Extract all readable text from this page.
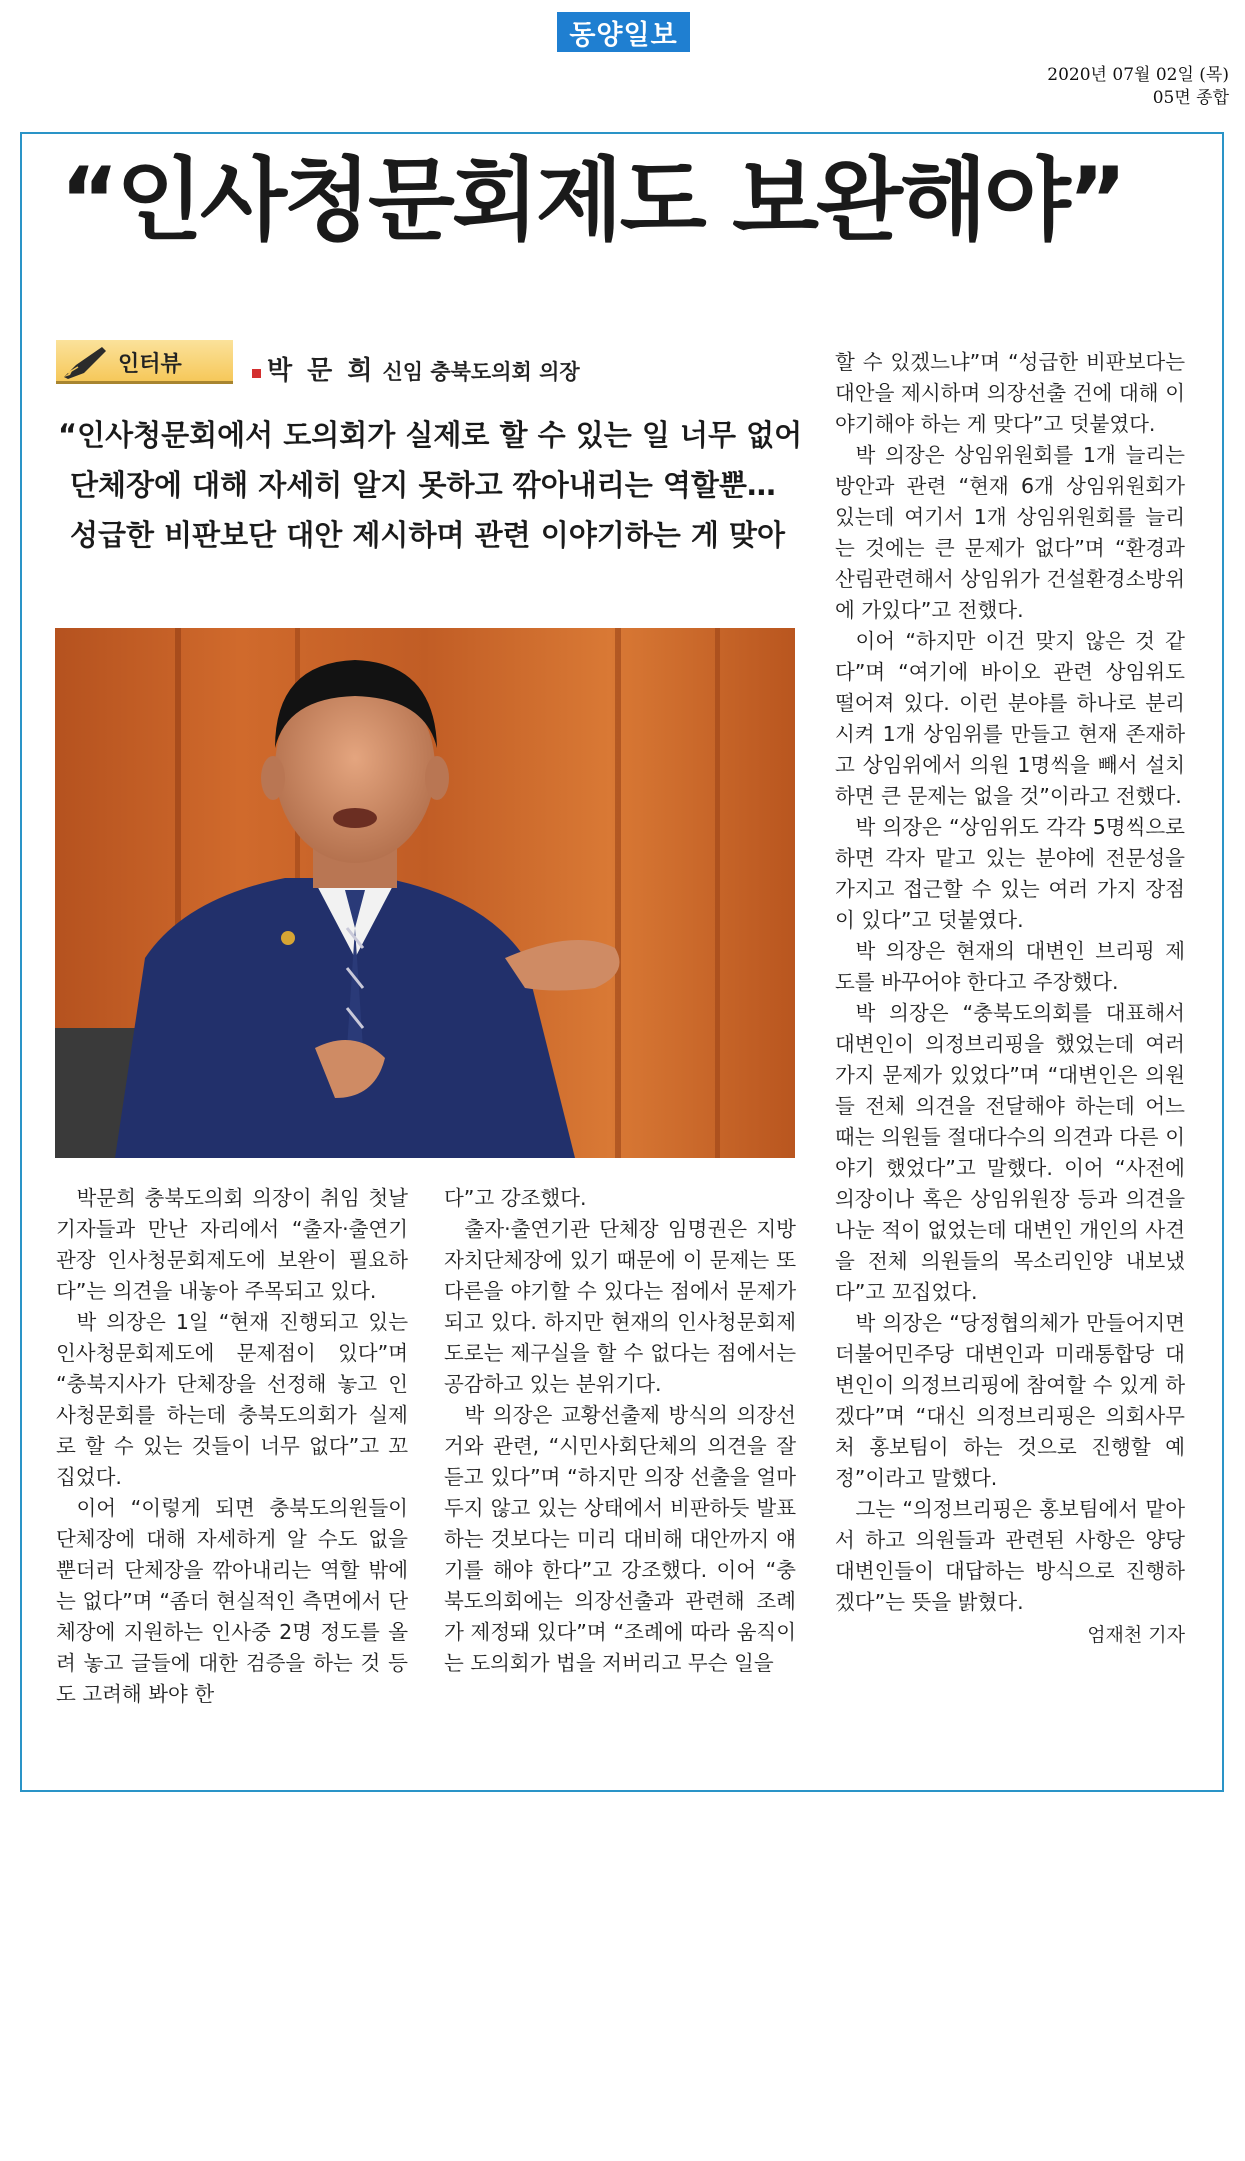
동양일보
2020년 07월 02일 (목)
05면 종합
“인사청문회제도 보완해야”
인터뷰	박 문 희 신임 충북도의회 의장
“인사청문회에서 도의회가 실제로 할 수 있는 일 너무 없어
단체장에 대해 자세히 알지 못하고 깎아내리는 역할뿐…
성급한 비판보단 대안 제시하며 관련 이야기하는 게 맞아

박문희 충북도의회 의장이 취임 첫날 기자들과 만난 자리에서 “출자·출연기관장 인사청문회제도에 보완이 필요하다”는 의견을 내놓아 주목되고 있다.

박 의장은 1일 “현재 진행되고 있는 인사청문회제도에 문제점이 있다”며 “충북지사가 단체장을 선정해 놓고 인사청문회를 하는데 충북도의회가 실제로 할 수 있는 것들이 너무 없다”고 꼬집었다.

이어 “이렇게 되면 충북도의원들이 단체장에 대해 자세하게 알 수도 없을 뿐더러 단체장을 깎아내리는 역할 밖에는 없다”며 “좀더 현실적인 측면에서 단체장에 지원하는 인사중 2명 정도를 올려 놓고 글들에 대한 검증을 하는 것 등도 고려해 봐야 한

다”고 강조했다.

출자·출연기관 단체장 임명권은 지방자치단체장에 있기 때문에 이 문제는 또 다른을 야기할 수 있다는 점에서 문제가 되고 있다. 하지만 현재의 인사청문회제도로는 제구실을 할 수 없다는 점에서는 공감하고 있는 분위기다.

박 의장은 교황선출제 방식의 의장선거와 관련, “시민사회단체의 의견을 잘 듣고 있다”며 “하지만 의장 선출을 얼마 두지 않고 있는 상태에서 비판하듯 발표하는 것보다는 미리 대비해 대안까지 얘기를 해야 한다”고 강조했다. 이어 “충북도의회에는 의장선출과 관련해 조례가 제정돼 있다”며 “조례에 따라 움직이는 도의회가 법을 저버리고 무슨 일을

할 수 있겠느냐”며 “성급한 비판보다는 대안을 제시하며 의장선출 건에 대해 이야기해야 하는 게 맞다”고 덧붙였다.

박 의장은 상임위원회를 1개 늘리는 방안과 관련 “현재 6개 상임위원회가 있는데 여기서 1개 상임위원회를 늘리는 것에는 큰 문제가 없다”며 “환경과 산림관련해서 상임위가 건설환경소방위에 가있다”고 전했다.

이어 “하지만 이건 맞지 않은 것 같다”며 “여기에 바이오 관련 상임위도 떨어져 있다. 이런 분야를 하나로 분리시켜 1개 상임위를 만들고 현재 존재하고 상임위에서 의원 1명씩을 빼서 설치하면 큰 문제는 없을 것”이라고 전했다.

박 의장은 “상임위도 각각 5명씩으로 하면 각자 맡고 있는 분야에 전문성을 가지고 접근할 수 있는 여러 가지 장점이 있다”고 덧붙였다.

박 의장은 현재의 대변인 브리핑 제도를 바꾸어야 한다고 주장했다.

박 의장은 “충북도의회를 대표해서 대변인이 의정브리핑을 했었는데 여러 가지 문제가 있었다”며 “대변인은 의원들 전체 의견을 전달해야 하는데 어느 때는 의원들 절대다수의 의견과 다른 이야기 했었다”고 말했다. 이어 “사전에 의장이나 혹은 상임위원장 등과 의견을 나눈 적이 없었는데 대변인 개인의 사견을 전체 의원들의 목소리인양 내보냈다”고 꼬집었다.

박 의장은 “당정협의체가 만들어지면 더불어민주당 대변인과 미래통합당 대변인이 의정브리핑에 참여할 수 있게 하겠다”며 “대신 의정브리핑은 의회사무처 홍보팀이 하는 것으로 진행할 예정”이라고 말했다.

그는 “의정브리핑은 홍보팀에서 맡아서 하고 의원들과 관련된 사항은 양당 대변인들이 대답하는 방식으로 진행하겠다”는 뜻을 밝혔다.

엄재천 기자
